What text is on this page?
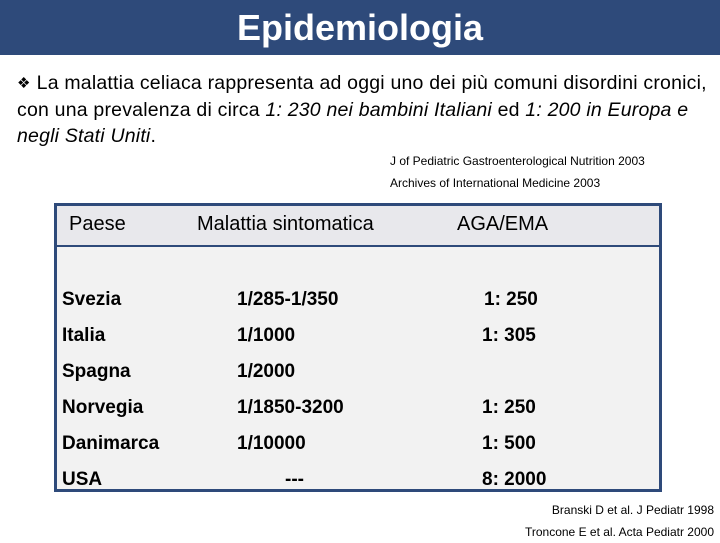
Epidemiologia
❖ La malattia celiaca rappresenta ad oggi uno dei più comuni disordini cronici, con una prevalenza di circa 1: 230 nei bambini Italiani ed 1: 200 in Europa e negli Stati Uniti.
J of Pediatric Gastroenterological Nutrition 2003
Archives of International Medicine 2003
Paese	Malattia sintomatica	AGA/EMA
Svezia	1/285-1/350	1: 250
Italia	1/1000	1: 305
Spagna	1/2000
Norvegia	1/1850-3200	1: 250
Danimarca	1/10000	1: 500
USA	---	8: 2000
Branski D et al. J Pediatr 1998
Troncone E et al. Acta Pediatr 2000
